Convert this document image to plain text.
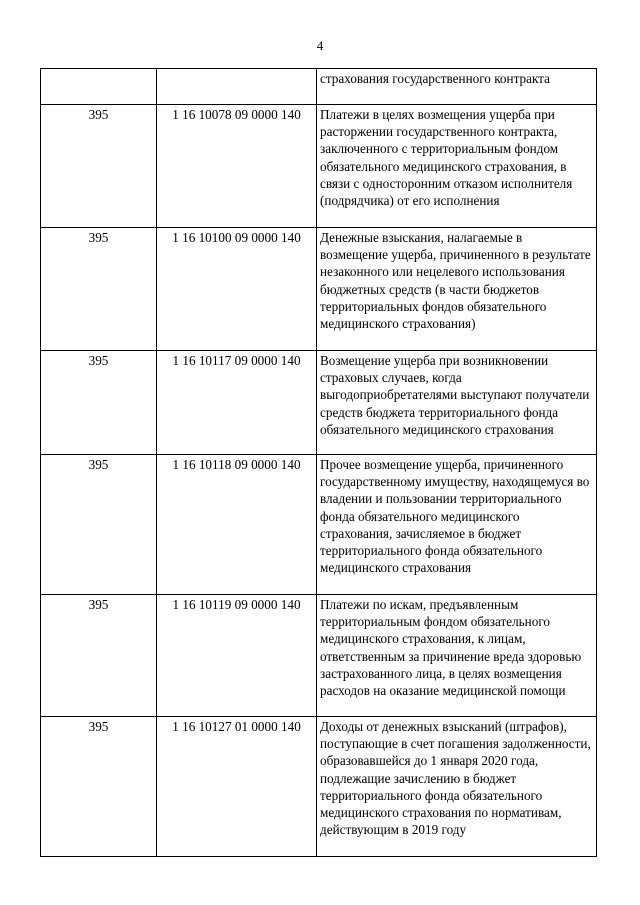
4
		страхования государственного контракта
395	1 16 10078 09 0000 140	Платежи в целях возмещения ущерба при расторжении государственного контракта, заключенного с территориальным фондом обязательного медицинского страхования, в связи с односторонним отказом исполнителя (подрядчика) от его исполнения
395	1 16 10100 09 0000 140	Денежные взыскания, налагаемые в возмещение ущерба, причиненного в результате незаконного или нецелевого использования бюджетных средств (в части бюджетов территориальных фондов обязательного медицинского страхования)
395	1 16 10117 09 0000 140	Возмещение ущерба при возникновении страховых случаев, когда выгодоприобретателями выступают получатели средств бюджета территориального фонда обязательного медицинского страхования
395	1 16 10118 09 0000 140	Прочее возмещение ущерба, причиненного государственному имуществу, находящемуся во владении и пользовании территориального фонда обязательного медицинского страхования, зачисляемое в бюджет территориального фонда обязательного медицинского страхования
395	1 16 10119 09 0000 140	Платежи по искам, предъявленным территориальным фондом обязательного медицинского страхования, к лицам, ответственным за причинение вреда здоровью застрахованного лица, в целях возмещения расходов на оказание медицинской помощи
395	1 16 10127 01 0000 140	Доходы от денежных взысканий (штрафов), поступающие в счет погашения задолженности, образовавшейся до 1 января 2020 года, подлежащие зачислению в бюджет территориального фонда обязательного медицинского страхования по нормативам, действующим в 2019 году
